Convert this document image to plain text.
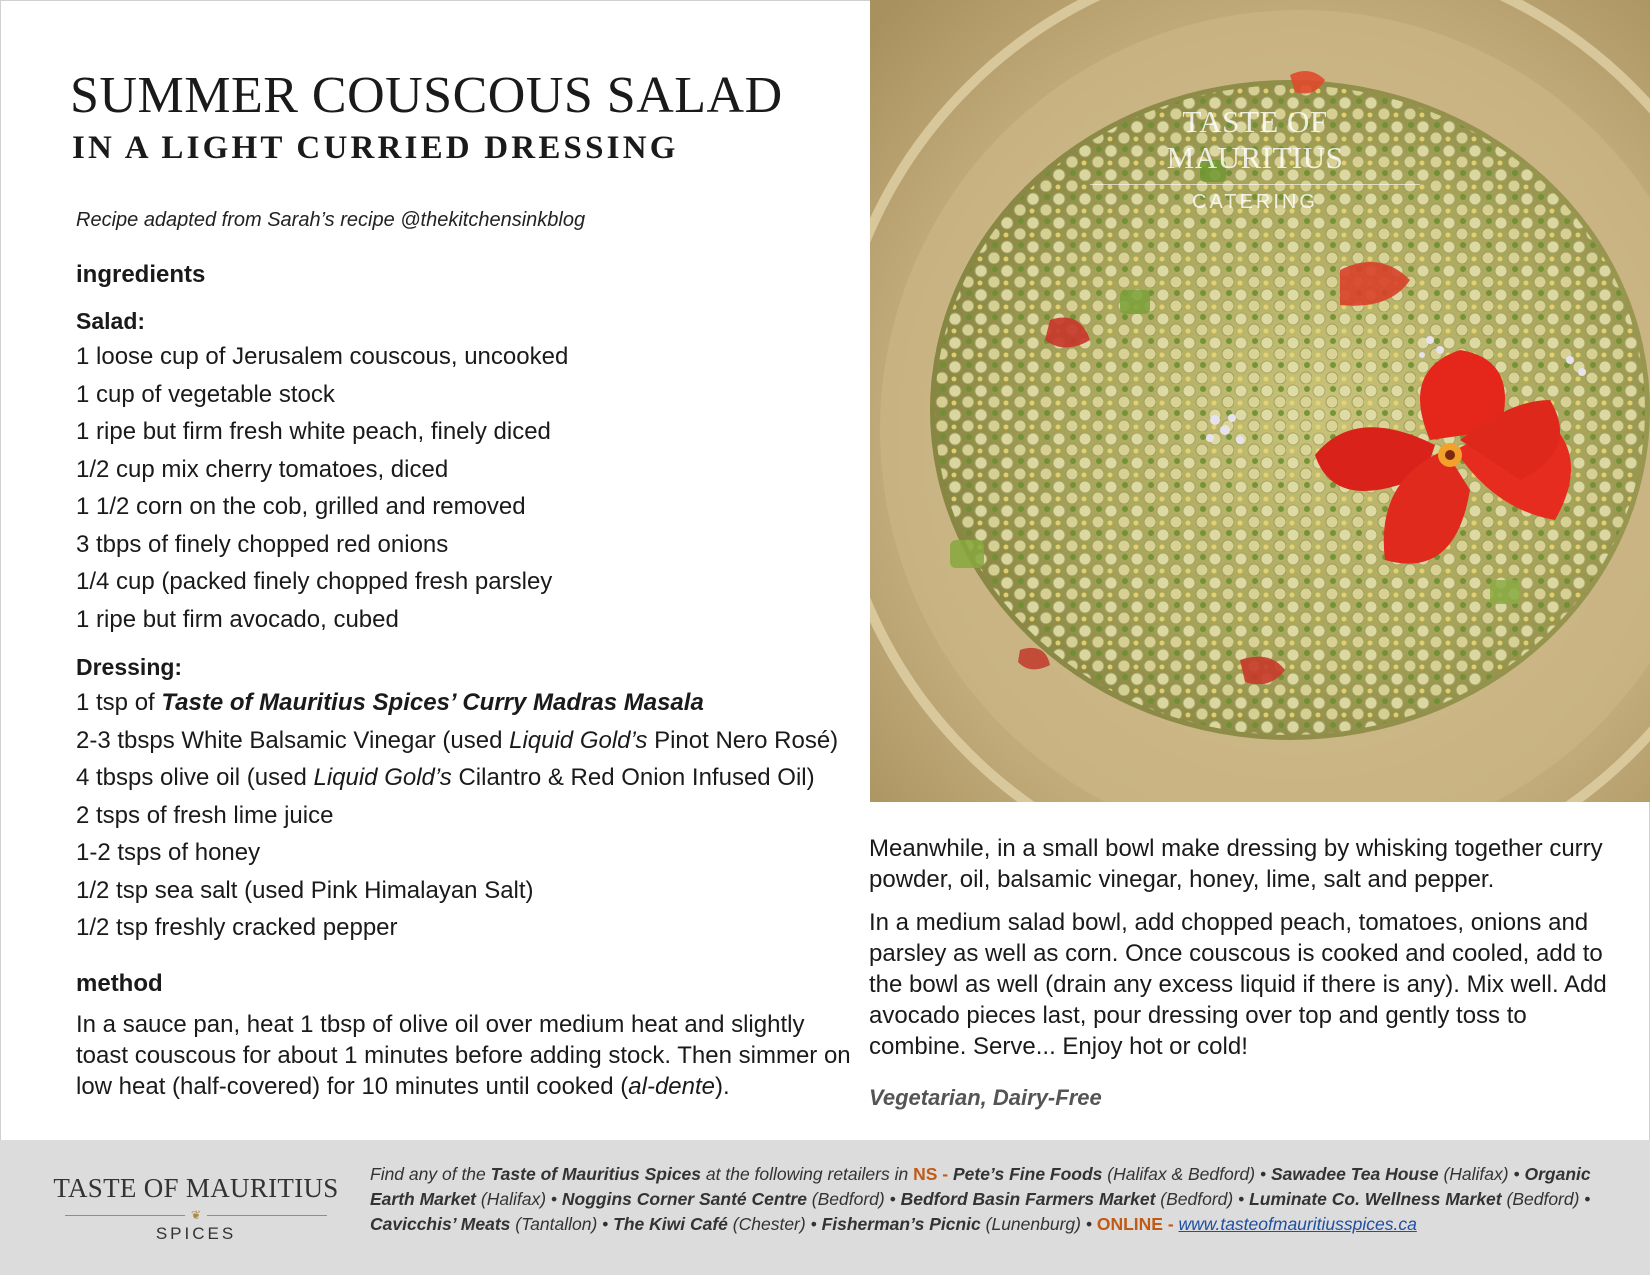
SUMMER COUSCOUS SALAD
IN A LIGHT CURRIED DRESSING
Recipe adapted from Sarah’s recipe @thekitchensinkblog
ingredients
Salad:
1 loose cup of Jerusalem couscous, uncooked
1 cup of vegetable stock
1 ripe but firm fresh white peach, finely diced
1/2 cup mix cherry tomatoes, diced
1 1/2 corn on the cob, grilled and removed
3 tbps of finely chopped red onions
1/4 cup (packed finely chopped fresh parsley
1 ripe but firm avocado, cubed
Dressing:
1 tsp of Taste of Mauritius Spices’ Curry Madras Masala
2-3 tbsps White Balsamic Vinegar (used Liquid Gold’s Pinot Nero Rosé)
4 tbsps olive oil (used Liquid Gold’s Cilantro & Red Onion Infused Oil)
2 tsps of fresh lime juice
1-2 tsps of honey
1/2 tsp sea salt (used Pink Himalayan Salt)
1/2 tsp freshly cracked pepper
method

In a sauce pan, heat 1 tbsp of olive oil over medium heat and slightly toast couscous for about 1 minutes before adding stock. Then simmer on low heat (half-covered) for 10 minutes until cooked (al-dente).

TASTE OF MAURITIUS
CATERING

Meanwhile, in a small bowl make dressing by whisking together curry powder, oil, balsamic vinegar, honey, lime, salt and pepper.

In a medium salad bowl, add chopped peach, tomatoes, onions and parsley as well as corn. Once couscous is cooked and cooled, add to the bowl as well (drain any excess liquid if there is any). Mix well. Add avocado pieces last, pour dressing over top and gently toss to combine. Serve... Enjoy hot or cold!

Vegetarian, Dairy-Free

TASTE OF MAURITIUS
❦
SPICES
Find any of the Taste of Mauritius Spices at the following retailers in NS - Pete’s Fine Foods (Halifax & Bedford) • Sawadee Tea House (Halifax) • Organic Earth Market (Halifax) • Noggins Corner Santé Centre (Bedford) • Bedford Basin Farmers Market (Bedford) • Luminate Co. Wellness Market (Bedford) • Cavicchis’ Meats (Tantallon) • The Kiwi Café (Chester) • Fisherman’s Picnic (Lunenburg) • ONLINE - www.tasteofmauritiusspices.ca
